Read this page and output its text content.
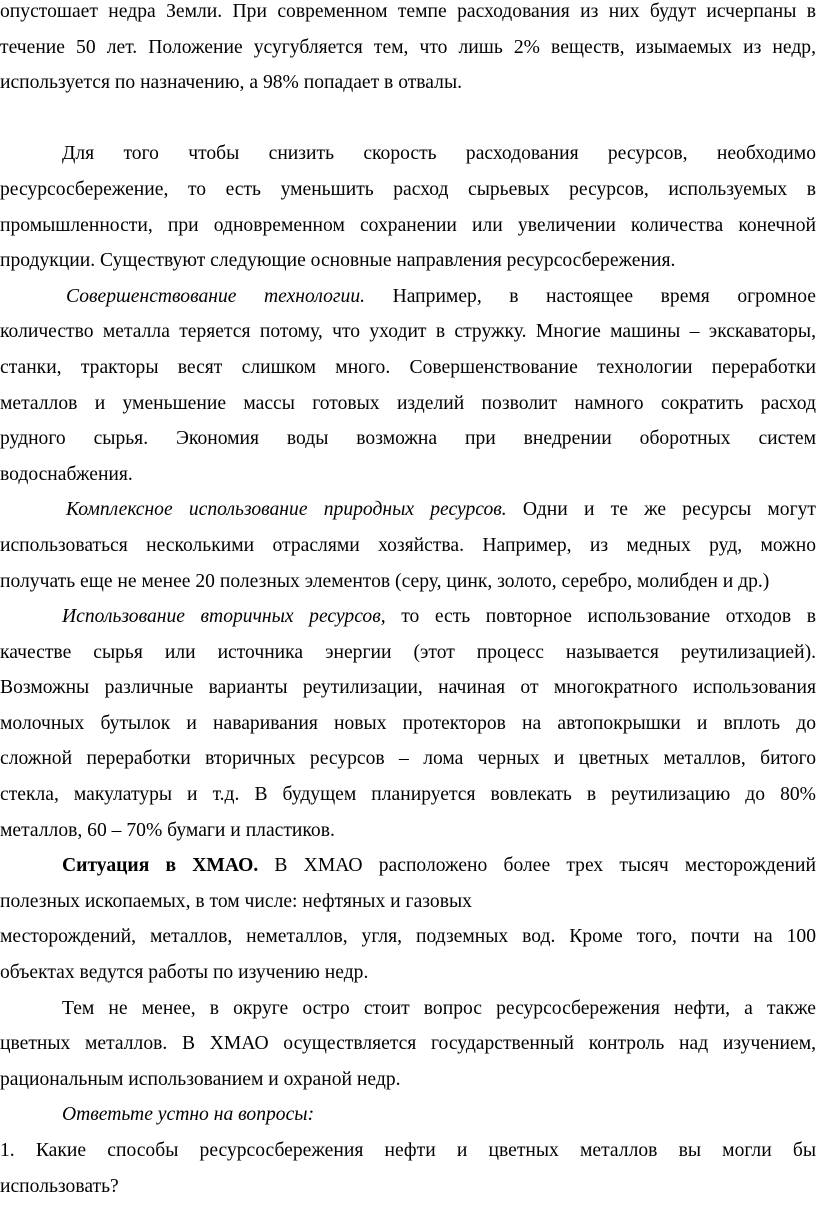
опустошает недра Земли. При современном темпе расходования из них будут исчерпаны в
течение 50 лет. Положение усугубляется тем, что лишь 2% веществ, изымаемых из недр,
используется по назначению, а 98% попадает в отвалы.
Для того чтобы снизить скорость расходования ресурсов, необходимо
ресурсосбережение, то есть уменьшить расход сырьевых ресурсов, используемых в
промышленности, при одновременном сохранении или увеличении количества конечной
продукции. Существуют следующие основные направления ресурсосбережения.
Совершенствование технологии. Например, в настоящее время огромное
количество металла теряется потому, что уходит в стружку. Многие машины – экскаваторы,
станки, тракторы весят слишком много. Совершенствование технологии переработки
металлов и уменьшение массы готовых изделий позволит намного сократить расход
рудного сырья. Экономия воды возможна при внедрении оборотных систем
водоснабжения.
Комплексное использование природных ресурсов. Одни и те же ресурсы могут
использоваться несколькими отраслями хозяйства. Например, из медных руд, можно
получать еще не менее 20 полезных элементов (серу, цинк, золото, серебро, молибден и др.)
Использование вторичных ресурсов, то есть повторное использование отходов в
качестве сырья или источника энергии (этот процесс называется реутилизацией).
Возможны различные варианты реутилизации, начиная от многократного использования
молочных бутылок и наваривания новых протекторов на автопокрышки и вплоть до
сложной переработки вторичных ресурсов – лома черных и цветных металлов, битого
стекла, макулатуры и т.д. В будущем планируется вовлекать в реутилизацию до 80%
металлов, 60 – 70% бумаги и пластиков.
Ситуация в ХМАО. В ХМАО расположено более трех тысяч месторождений
полезных ископаемых, в том числе: нефтяных и газовых
месторождений, металлов, неметаллов, угля, подземных вод. Кроме того, почти на 100
объектах ведутся работы по изучению недр.
Тем не менее, в округе остро стоит вопрос ресурсосбережения нефти, а также
цветных металлов. В ХМАО осуществляется государственный контроль над изучением,
рациональным использованием и охраной недр.
Ответьте устно на вопросы:
1. Какие способы ресурсосбережения нефти и цветных металлов вы могли бы
использовать?
